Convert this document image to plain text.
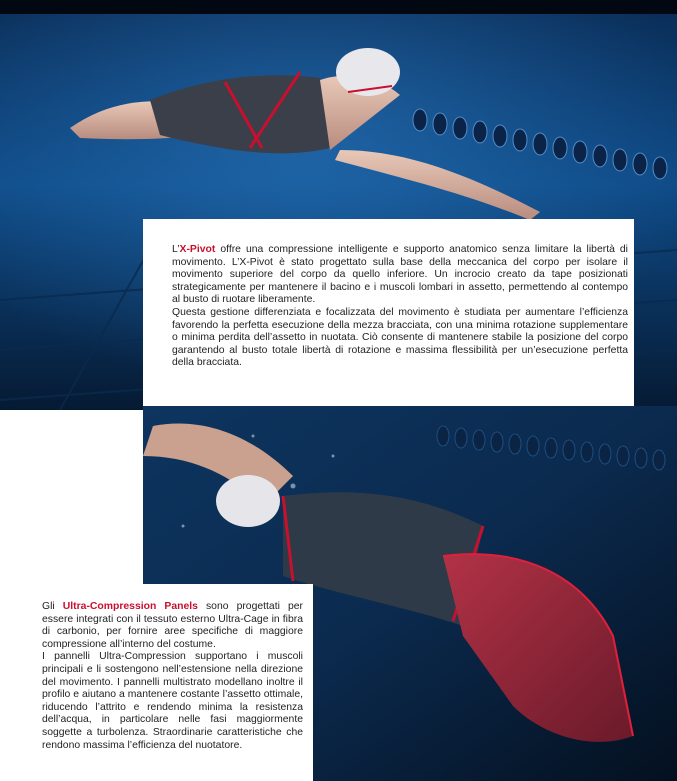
L’X-Pivot offre una compressione intelligente e supporto anatomico senza limitare la libertà di movimento. L’X-Pivot è stato progettato sulla base della meccanica del corpo per isolare il movimento superiore del corpo da quello inferiore. Un incrocio creato da tape posizionati strategicamente per mantenere il bacino e i muscoli lombari in assetto, permettendo al contempo al busto di ruotare liberamente.

Questa gestione differenziata e focalizzata del movimento è studiata per aumentare l’efficienza favorendo la perfetta esecuzione della mezza bracciata, con una minima rotazione supplementare o minima perdita dell’assetto in nuotata. Ciò consente di mantenere stabile la posizione del corpo garantendo al busto totale libertà di rotazione e massima flessibilità per un’esecuzione perfetta della bracciata.

Gli Ultra-Compression Panels sono progettati per essere integrati con il tessuto esterno Ultra-Cage in fibra di carbonio, per fornire aree specifiche di maggiore compressione all’interno del costume.

I pannelli Ultra-Compression supportano i muscoli principali e li sostengono nell’estensione nella direzione del movimento. I pannelli multistrato modellano inoltre il profilo e aiutano a mantenere costante l’assetto ottimale, riducendo l’attrito e rendendo minima la resistenza dell’acqua, in particolare nelle fasi maggiormente soggette a turbolenza. Straordinarie caratteristiche che rendono massima l’efficienza del nuotatore.
